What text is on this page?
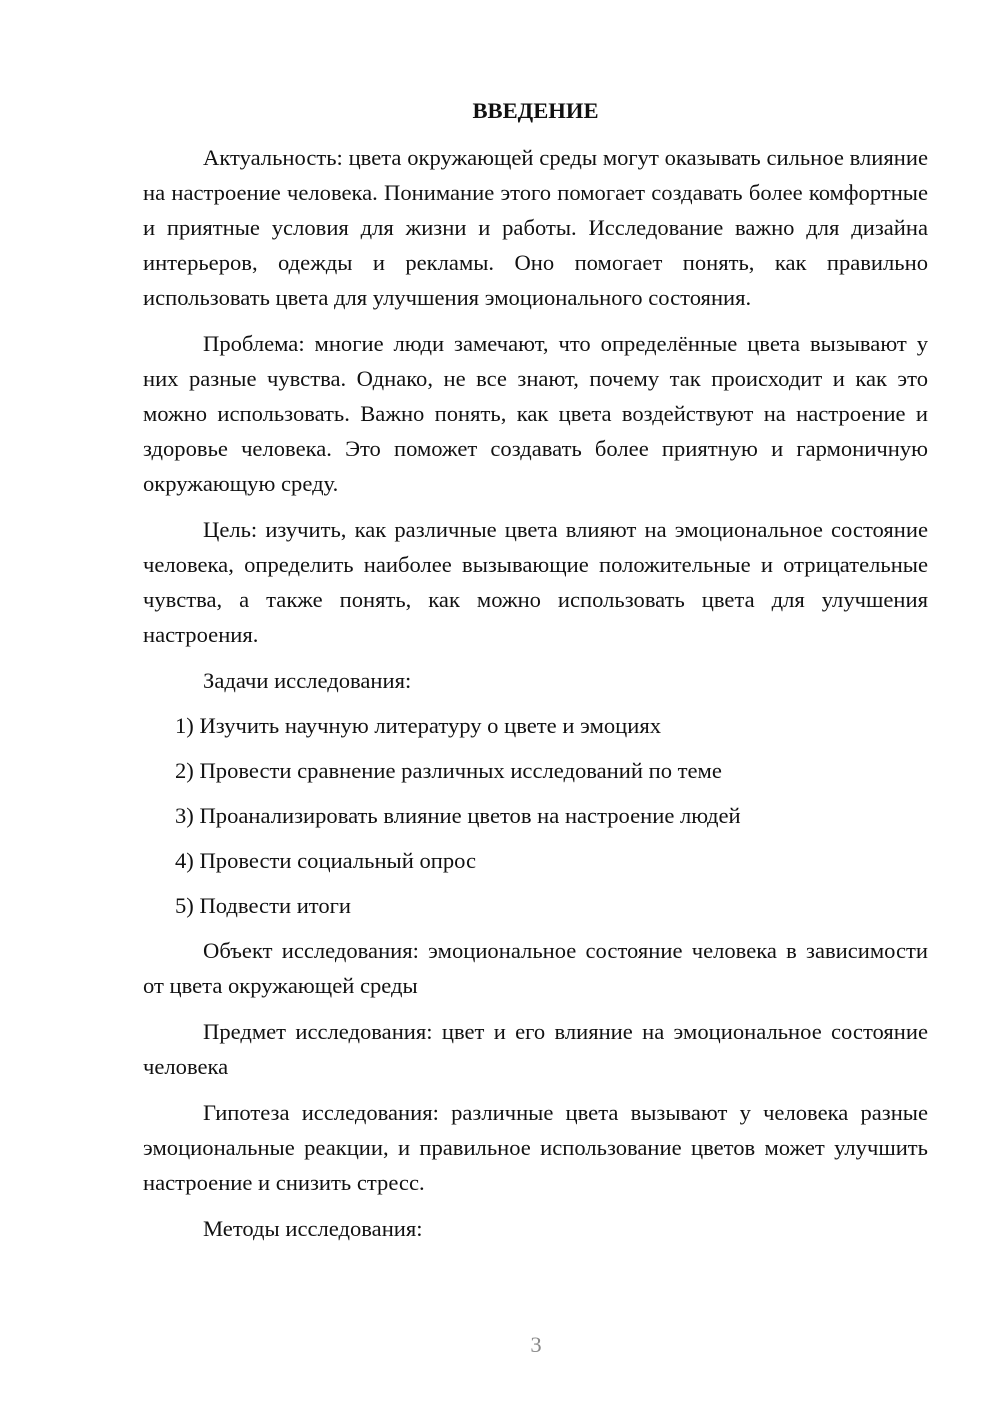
ВВЕДЕНИЕ

Актуальность: цвета окружающей среды могут оказывать сильное влияние на настроение человека. Понимание этого помогает создавать более комфортные и приятные условия для жизни и работы. Исследование важно для дизайна интерьеров, одежды и рекламы. Оно помогает понять, как правильно использовать цвета для улучшения эмоционального состояния.

Проблема: многие люди замечают, что определённые цвета вызывают у них разные чувства. Однако, не все знают, почему так происходит и как это можно использовать. Важно понять, как цвета воздействуют на настроение и здоровье человека. Это поможет создавать более приятную и гармоничную окружающую среду.

Цель: изучить, как различные цвета влияют на эмоциональное состояние человека, определить наиболее вызывающие положительные и отрицательные чувства, а также понять, как можно использовать цвета для улучшения настроения.

Задачи исследования:

1) Изучить научную литературу о цвете и эмоциях
2) Провести сравнение различных исследований по теме
3) Проанализировать влияние цветов на настроение людей
4) Провести социальный опрос
5) Подвести итоги

Объект исследования: эмоциональное состояние человека в зависимости от цвета окружающей среды

Предмет исследования: цвет и его влияние на эмоциональное состояние человека

Гипотеза исследования: различные цвета вызывают у человека разные эмоциональные реакции, и правильное использование цветов может улучшить настроение и снизить стресс.

Методы исследования:

3
